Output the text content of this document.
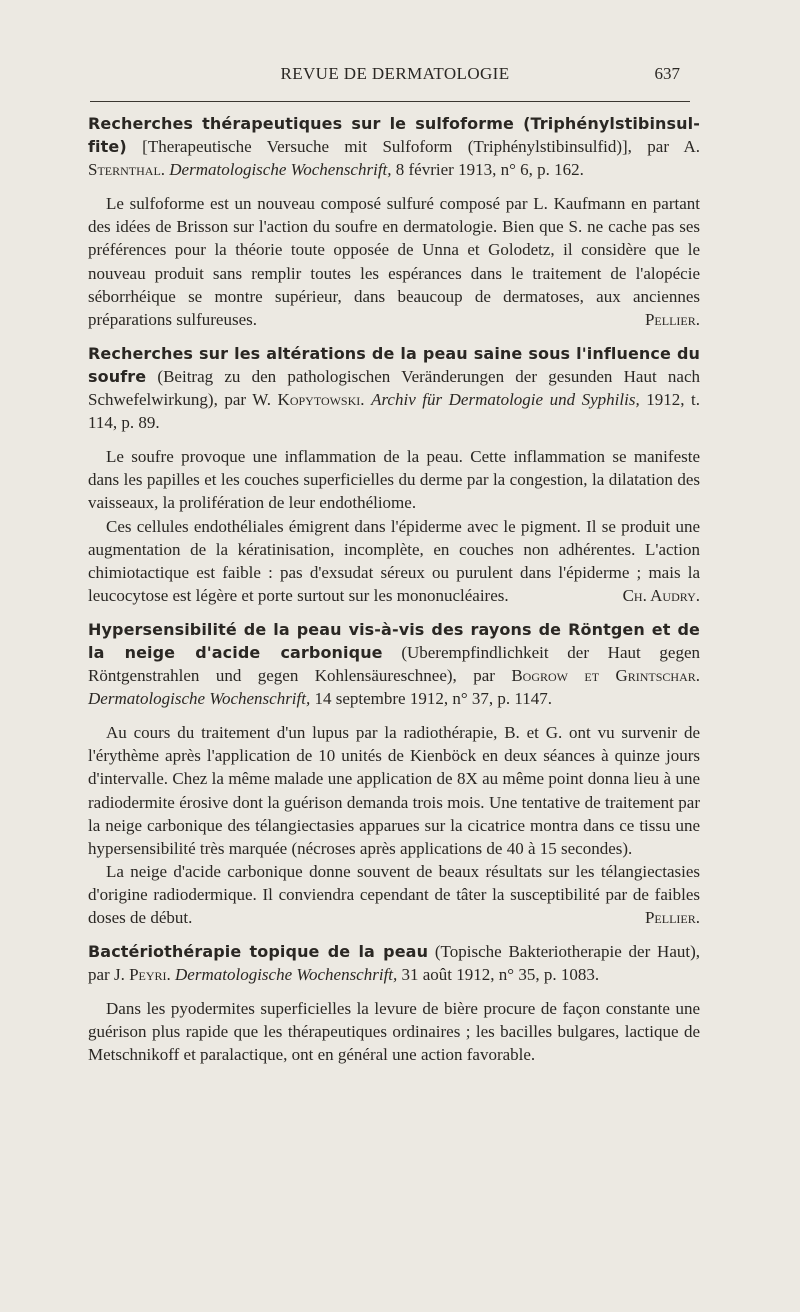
REVUE DE DERMATOLOGIE	637

Recherches thérapeutiques sur le sulfoforme (Triphénylstibinsul-fite) [Therapeutische Versuche mit Sulfoform (Triphénylstibinsulfid)], par A. Sternthal. Dermatologische Wochenschrift, 8 février 1913, n° 6, p. 162.

Le sulfoforme est un nouveau composé sulfuré composé par L. Kaufmann en partant des idées de Brisson sur l'action du soufre en dermatologie. Bien que S. ne cache pas ses préférences pour la théorie toute opposée de Unna et Golodetz, il considère que le nouveau produit sans remplir toutes les espérances dans le traitement de l'alopécie séborrhéique se montre supérieur, dans beaucoup de dermatoses, aux anciennes préparations sulfureuses.	Pellier.

Recherches sur les altérations de la peau saine sous l'influence du soufre (Beitrag zu den pathologischen Veränderungen der gesunden Haut nach Schwefelwirkung), par W. Kopytowski. Archiv für Dermatologie und Syphilis, 1912, t. 114, p. 89.

Le soufre provoque une inflammation de la peau. Cette inflammation se manifeste dans les papilles et les couches superficielles du derme par la congestion, la dilatation des vaisseaux, la prolifération de leur endothéliome.

Ces cellules endothéliales émigrent dans l'épiderme avec le pigment. Il se produit une augmentation de la kératinisation, incomplète, en couches non adhérentes. L'action chimiotactique est faible : pas d'exsudat séreux ou purulent dans l'épiderme ; mais la leucocytose est légère et porte surtout sur les mononucléaires.	Ch. Audry.

Hypersensibilité de la peau vis-à-vis des rayons de Röntgen et de la neige d'acide carbonique (Uberempfindlichkeit der Haut gegen Röntgenstrahlen und gegen Kohlensäureschnee), par Bogrow et Grintschar. Dermatologische Wochenschrift, 14 septembre 1912, n° 37, p. 1147.

Au cours du traitement d'un lupus par la radiothérapie, B. et G. ont vu survenir de l'érythème après l'application de 10 unités de Kienböck en deux séances à quinze jours d'intervalle. Chez la même malade une application de 8X au même point donna lieu à une radiodermite érosive dont la guérison demanda trois mois. Une tentative de traitement par la neige carbonique des télangiectasies apparues sur la cicatrice montra dans ce tissu une hypersensibilité très marquée (nécroses après applications de 40 à 15 secondes).

La neige d'acide carbonique donne souvent de beaux résultats sur les télangiectasies d'origine radiodermique. Il conviendra cependant de tâter la susceptibilité par de faibles doses de début.	Pellier.

Bactériothérapie topique de la peau (Topische Bakteriotherapie der Haut), par J. Peyri. Dermatologische Wochenschrift, 31 août 1912, n° 35, p. 1083.

Dans les pyodermites superficielles la levure de bière procure de façon constante une guérison plus rapide que les thérapeutiques ordinaires ; les bacilles bulgares, lactique de Metschnikoff et paralactique, ont en général une action favorable.
